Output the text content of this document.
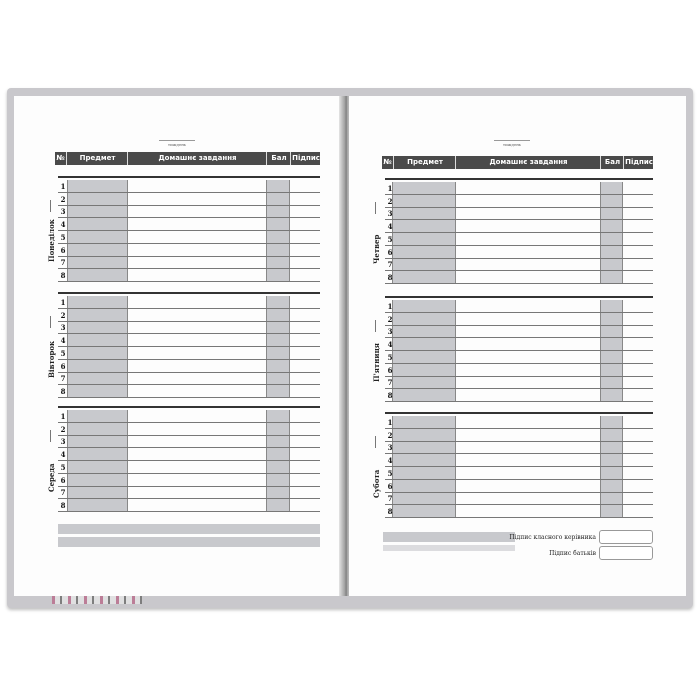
тиждень
№	Предмет	Домашнє завдання	Бал Підпис
1
2
3
4
5
6
7
8
Понеділок
1
2
3
4
5
6
7
8
Вівторок
1
2
3
4
5
6
7
8
Середа
тиждень
№	Предмет	Домашнє завдання	Бал Підпис
1
2
3
4
5
6
7
8
Четвер
1
2
3
4
5
6
7
8
П'ятниця
1
2
3
4
5
6
7
8
Субота
Підпис класного керівника
Підпис батьків
